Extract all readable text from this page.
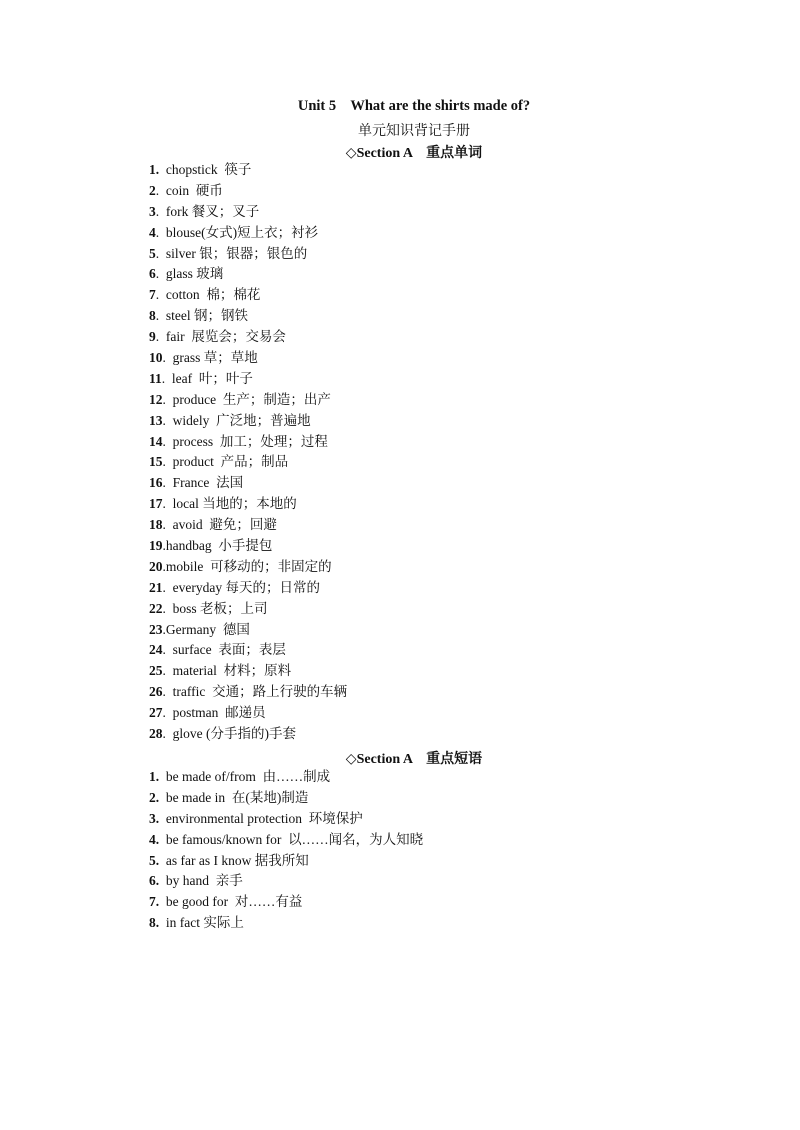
Unit 5    What are the shirts made of?
单元知识背记手册
◇Section A    重点单词
1.  chopstick  筷子
2.  coin  硬币
3.  fork 餐叉；叉子
4.  blouse(女式)短上衣；衬衫
5.  silver 银；银器；银色的
6.  glass 玻璃
7.  cotton  棉；棉花
8.  steel 钢；钢铁
9.  fair  展览会；交易会
10.  grass 草；草地
11.  leaf  叶；叶子
12.  produce  生产；制造；出产
13.  widely  广泛地；普遍地
14.  process  加工；处理；过程
15.  product  产品；制品
16.  France  法国
17.  local 当地的；本地的
18.  avoid  避免；回避
19.handbag  小手提包
20.mobile  可移动的；非固定的
21.  everyday 每天的；日常的
22.  boss 老板；上司
23.Germany  德国
24.  surface  表面；表层
25.  material  材料；原料
26.  traffic  交通；路上行驶的车辆
27.  postman  邮递员
28.  glove (分手指的)手套
◇Section A    重点短语
1.  be made of/from  由……制成
2.  be made in  在(某地)制造
3.  environmental protection  环境保护
4.  be famous/known for  以……闻名，为人知晓
5.  as far as I know 据我所知
6.  by hand  亲手
7.  be good for  对……有益
8.  in fact 实际上
